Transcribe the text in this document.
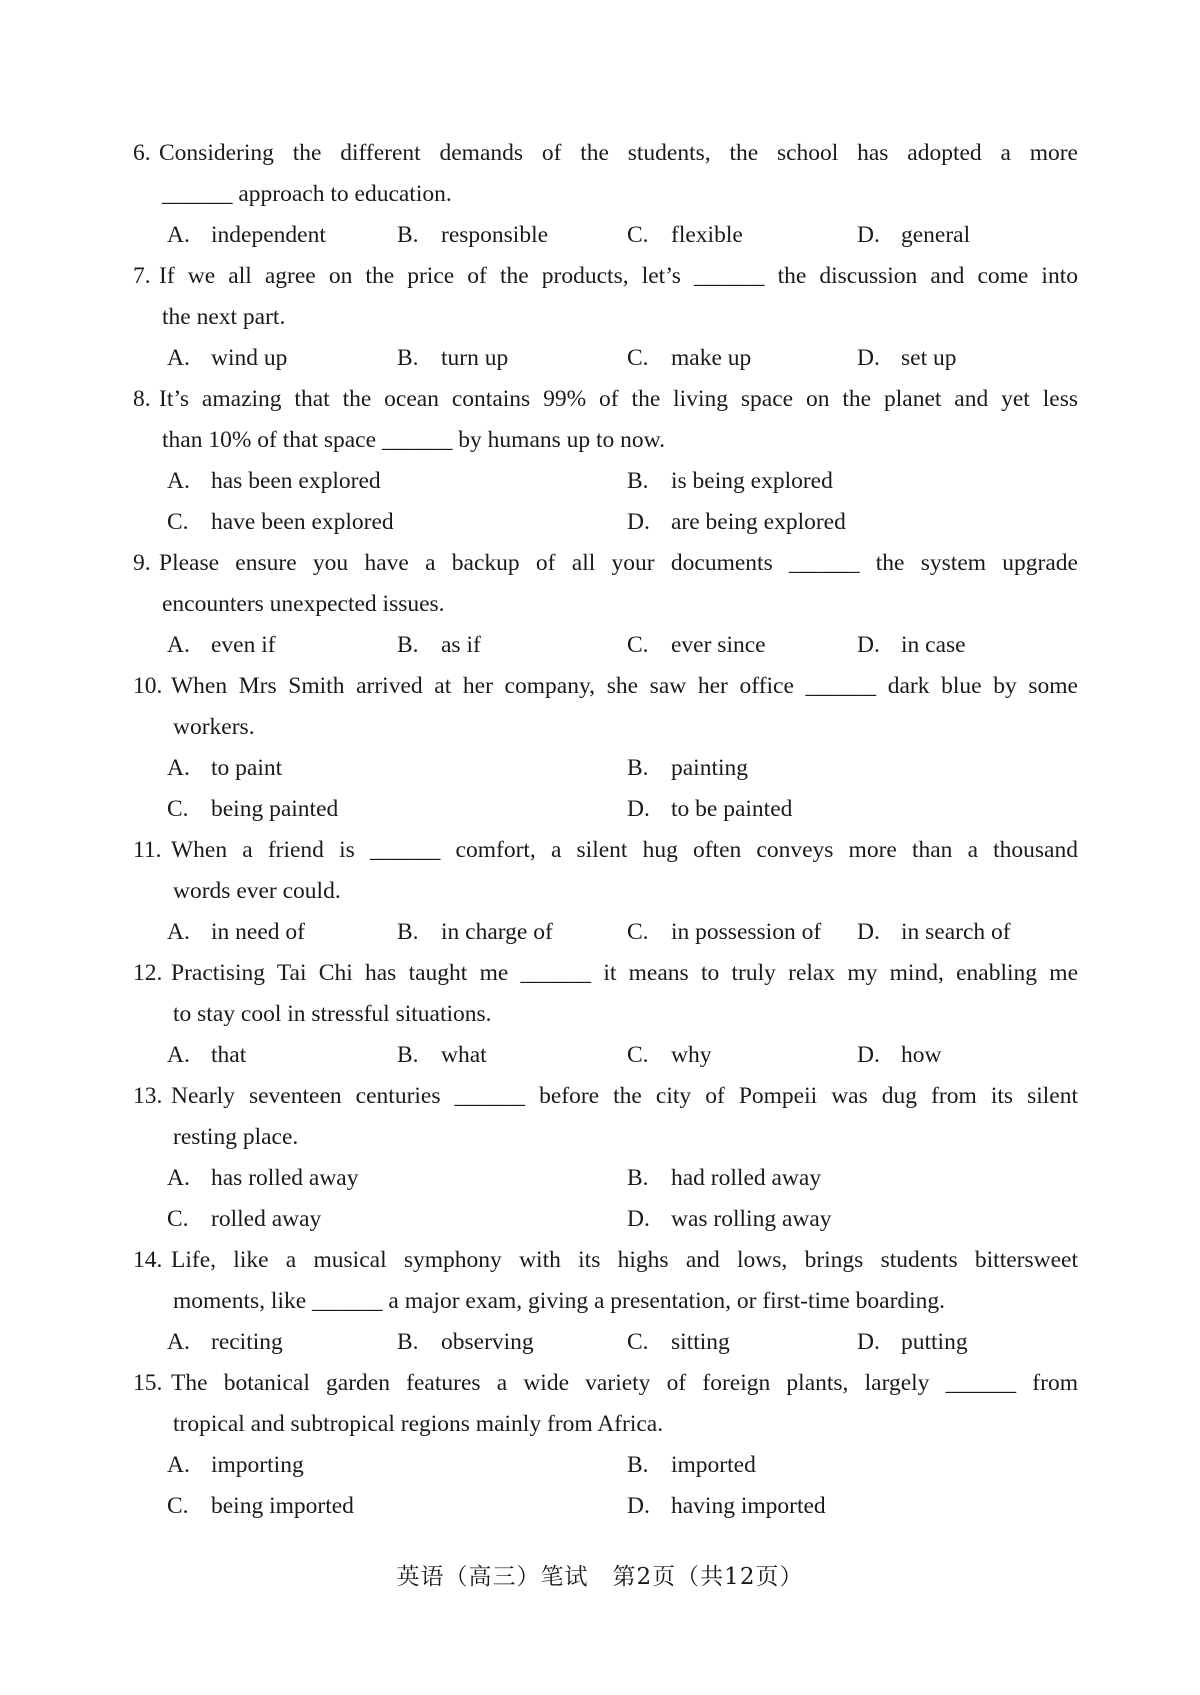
6. Considering the different demands of the students, the school has adopted a more
______ approach to education.
A. independent	B. responsible	C. flexible	D. general
7. If we all agree on the price of the products, let’s ______ the discussion and come into
the next part.
A. wind up	B. turn up	C. make up	D. set up
8. It’s amazing that the ocean contains 99% of the living space on the planet and yet less
than 10% of that space ______ by humans up to now.
A. has been explored	B. is being explored
C. have been explored	D. are being explored
9. Please ensure you have a backup of all your documents ______ the system upgrade
encounters unexpected issues.
A. even if	B. as if	C. ever since	D. in case
10. When Mrs Smith arrived at her company, she saw her office ______ dark blue by some
workers.
A. to paint	B. painting
C. being painted	D. to be painted
11. When a friend is ______ comfort, a silent hug often conveys more than a thousand
words ever could.
A. in need of	B. in charge of	C. in possession of D. in search of
12. Practising Tai Chi has taught me ______ it means to truly relax my mind, enabling me
to stay cool in stressful situations.
A. that	B. what	C. why	D. how
13. Nearly seventeen centuries ______ before the city of Pompeii was dug from its silent
resting place.
A. has rolled away	B. had rolled away
C. rolled away	D. was rolling away
14. Life, like a musical symphony with its highs and lows, brings students bittersweet
moments, like ______ a major exam, giving a presentation, or first-time boarding.
A. reciting	B. observing	C. sitting	D. putting
15. The botanical garden features a wide variety of foreign plants, largely ______ from
tropical and subtropical regions mainly from Africa.
A. importing	B. imported
C. being imported	D. having imported
英语（高三）笔试　第2页（共12页）
